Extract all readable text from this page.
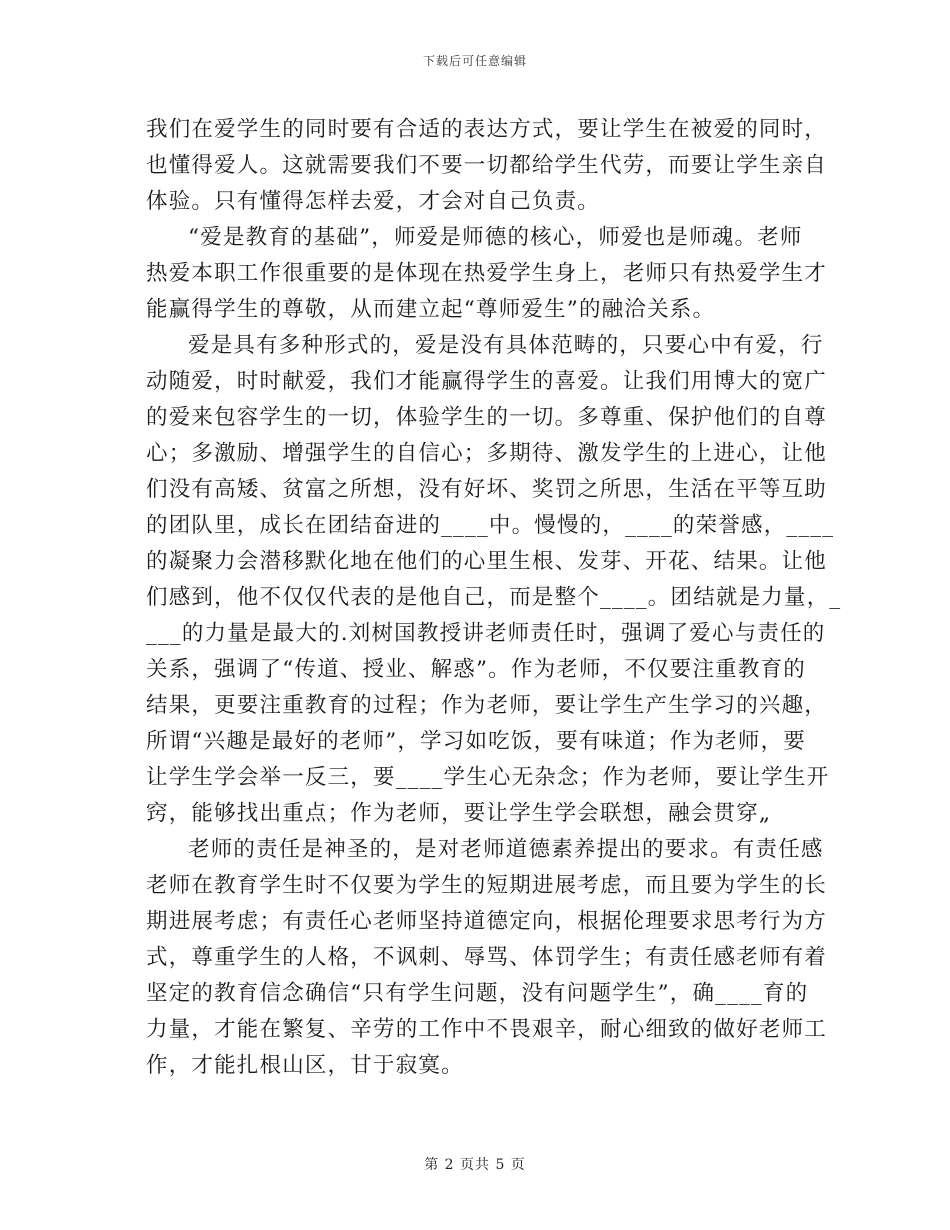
下载后可任意编辑
我们在爱学生的同时要有合适的表达方式，要让学生在被爱的同时，
也懂得爱人。这就需要我们不要一切都给学生代劳，而要让学生亲自
体验。只有懂得怎样去爱，才会对自己负责。
“爱是教育的基础”，师爱是师德的核心，师爱也是师魂。老师
热爱本职工作很重要的是体现在热爱学生身上，老师只有热爱学生才
能赢得学生的尊敬，从而建立起“尊师爱生”的融洽关系。
爱是具有多种形式的，爱是没有具体范畴的，只要心中有爱，行
动随爱，时时献爱，我们才能赢得学生的喜爱。让我们用博大的宽广
的爱来包容学生的一切，体验学生的一切。多尊重、保护他们的自尊
心；多激励、增强学生的自信心；多期待、激发学生的上进心，让他
们没有高矮、贫富之所想，没有好坏、奖罚之所思，生活在平等互助
的团队里，成长在团结奋进的____中。慢慢的，____的荣誉感，____
的凝聚力会潜移默化地在他们的心里生根、发芽、开花、结果。让他
们感到，他不仅仅代表的是他自己，而是整个____。团结就是力量，_
___的力量是最大的.刘树国教授讲老师责任时，强调了爱心与责任的
关系，强调了“传道、授业、解惑”。作为老师，不仅要注重教育的
结果，更要注重教育的过程；作为老师，要让学生产生学习的兴趣，
所谓“兴趣是最好的老师”，学习如吃饭，要有味道；作为老师，要
让学生学会举一反三，要____学生心无杂念；作为老师，要让学生开
窍，能够找出重点；作为老师，要让学生学会联想，融会贯穿„
老师的责任是神圣的，是对老师道德素养提出的要求。有责任感
老师在教育学生时不仅要为学生的短期进展考虑，而且要为学生的长
期进展考虑；有责任心老师坚持道德定向，根据伦理要求思考行为方
式，尊重学生的人格，不讽刺、辱骂、体罚学生；有责任感老师有着
坚定的教育信念确信“只有学生问题，没有问题学生”，确____育的
力量，才能在繁复、辛劳的工作中不畏艰辛，耐心细致的做好老师工
作，才能扎根山区，甘于寂寞。
第 2 页共 5 页
